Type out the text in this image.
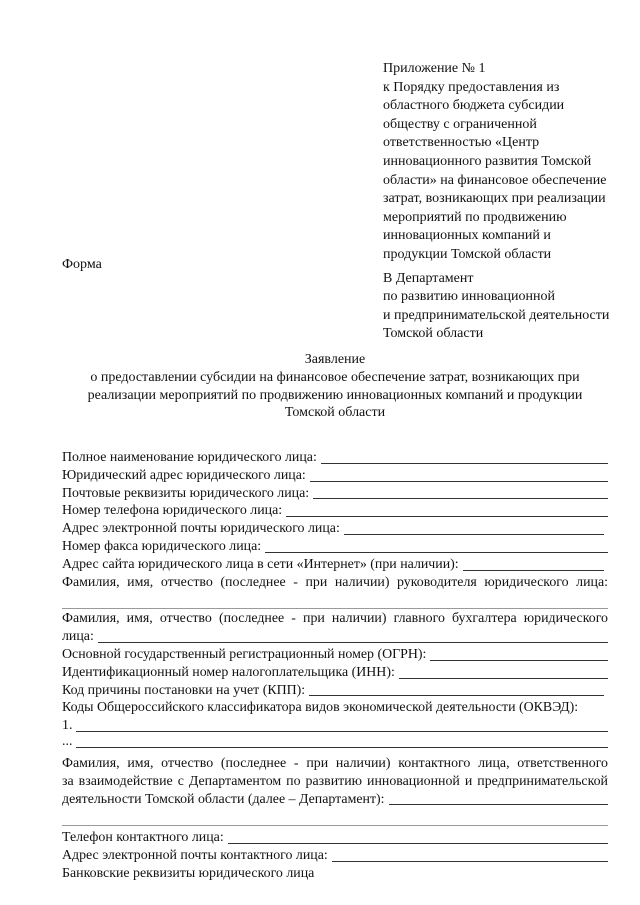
Приложение № 1
к Порядку предоставления из
областного бюджета субсидии
обществу с ограниченной
ответственностью «Центр
инновационного развития Томской
области» на финансовое обеспечение
затрат, возникающих при реализации
мероприятий по продвижению
инновационных компаний и
продукции Томской области
Форма
В Департамент
по развитию инновационной
и предпринимательской деятельности
Томской области
Заявление
о предоставлении субсидии на финансовое обеспечение затрат, возникающих при
реализации мероприятий по продвижению инновационных компаний и продукции
Томской области
Полное наименование юридического лица:
Юридический адрес юридического лица:
Почтовые реквизиты юридического лица:
Номер телефона юридического лица:
Адрес электронной почты юридического лица:
Номер факса юридического лица:
Адрес сайта юридического лица в сети «Интернет» (при наличии):
Фамилия, имя, отчество (последнее - при наличии) руководителя юридического лица:
Фамилия, имя, отчество (последнее - при наличии) главного бухгалтера юридического
лица:
Основной государственный регистрационный номер (ОГРН):
Идентификационный номер налогоплательщика (ИНН):
Код причины постановки на учет (КПП):
Коды Общероссийского классификатора видов экономической деятельности (ОКВЭД):
1.
...
Фамилия, имя, отчество (последнее - при наличии) контактного лица, ответственного
за взаимодействие с Департаментом по развитию инновационной и предпринимательской
деятельности Томской области (далее – Департамент):
Телефон контактного лица:
Адрес электронной почты контактного лица:
Банковские реквизиты юридического лица
